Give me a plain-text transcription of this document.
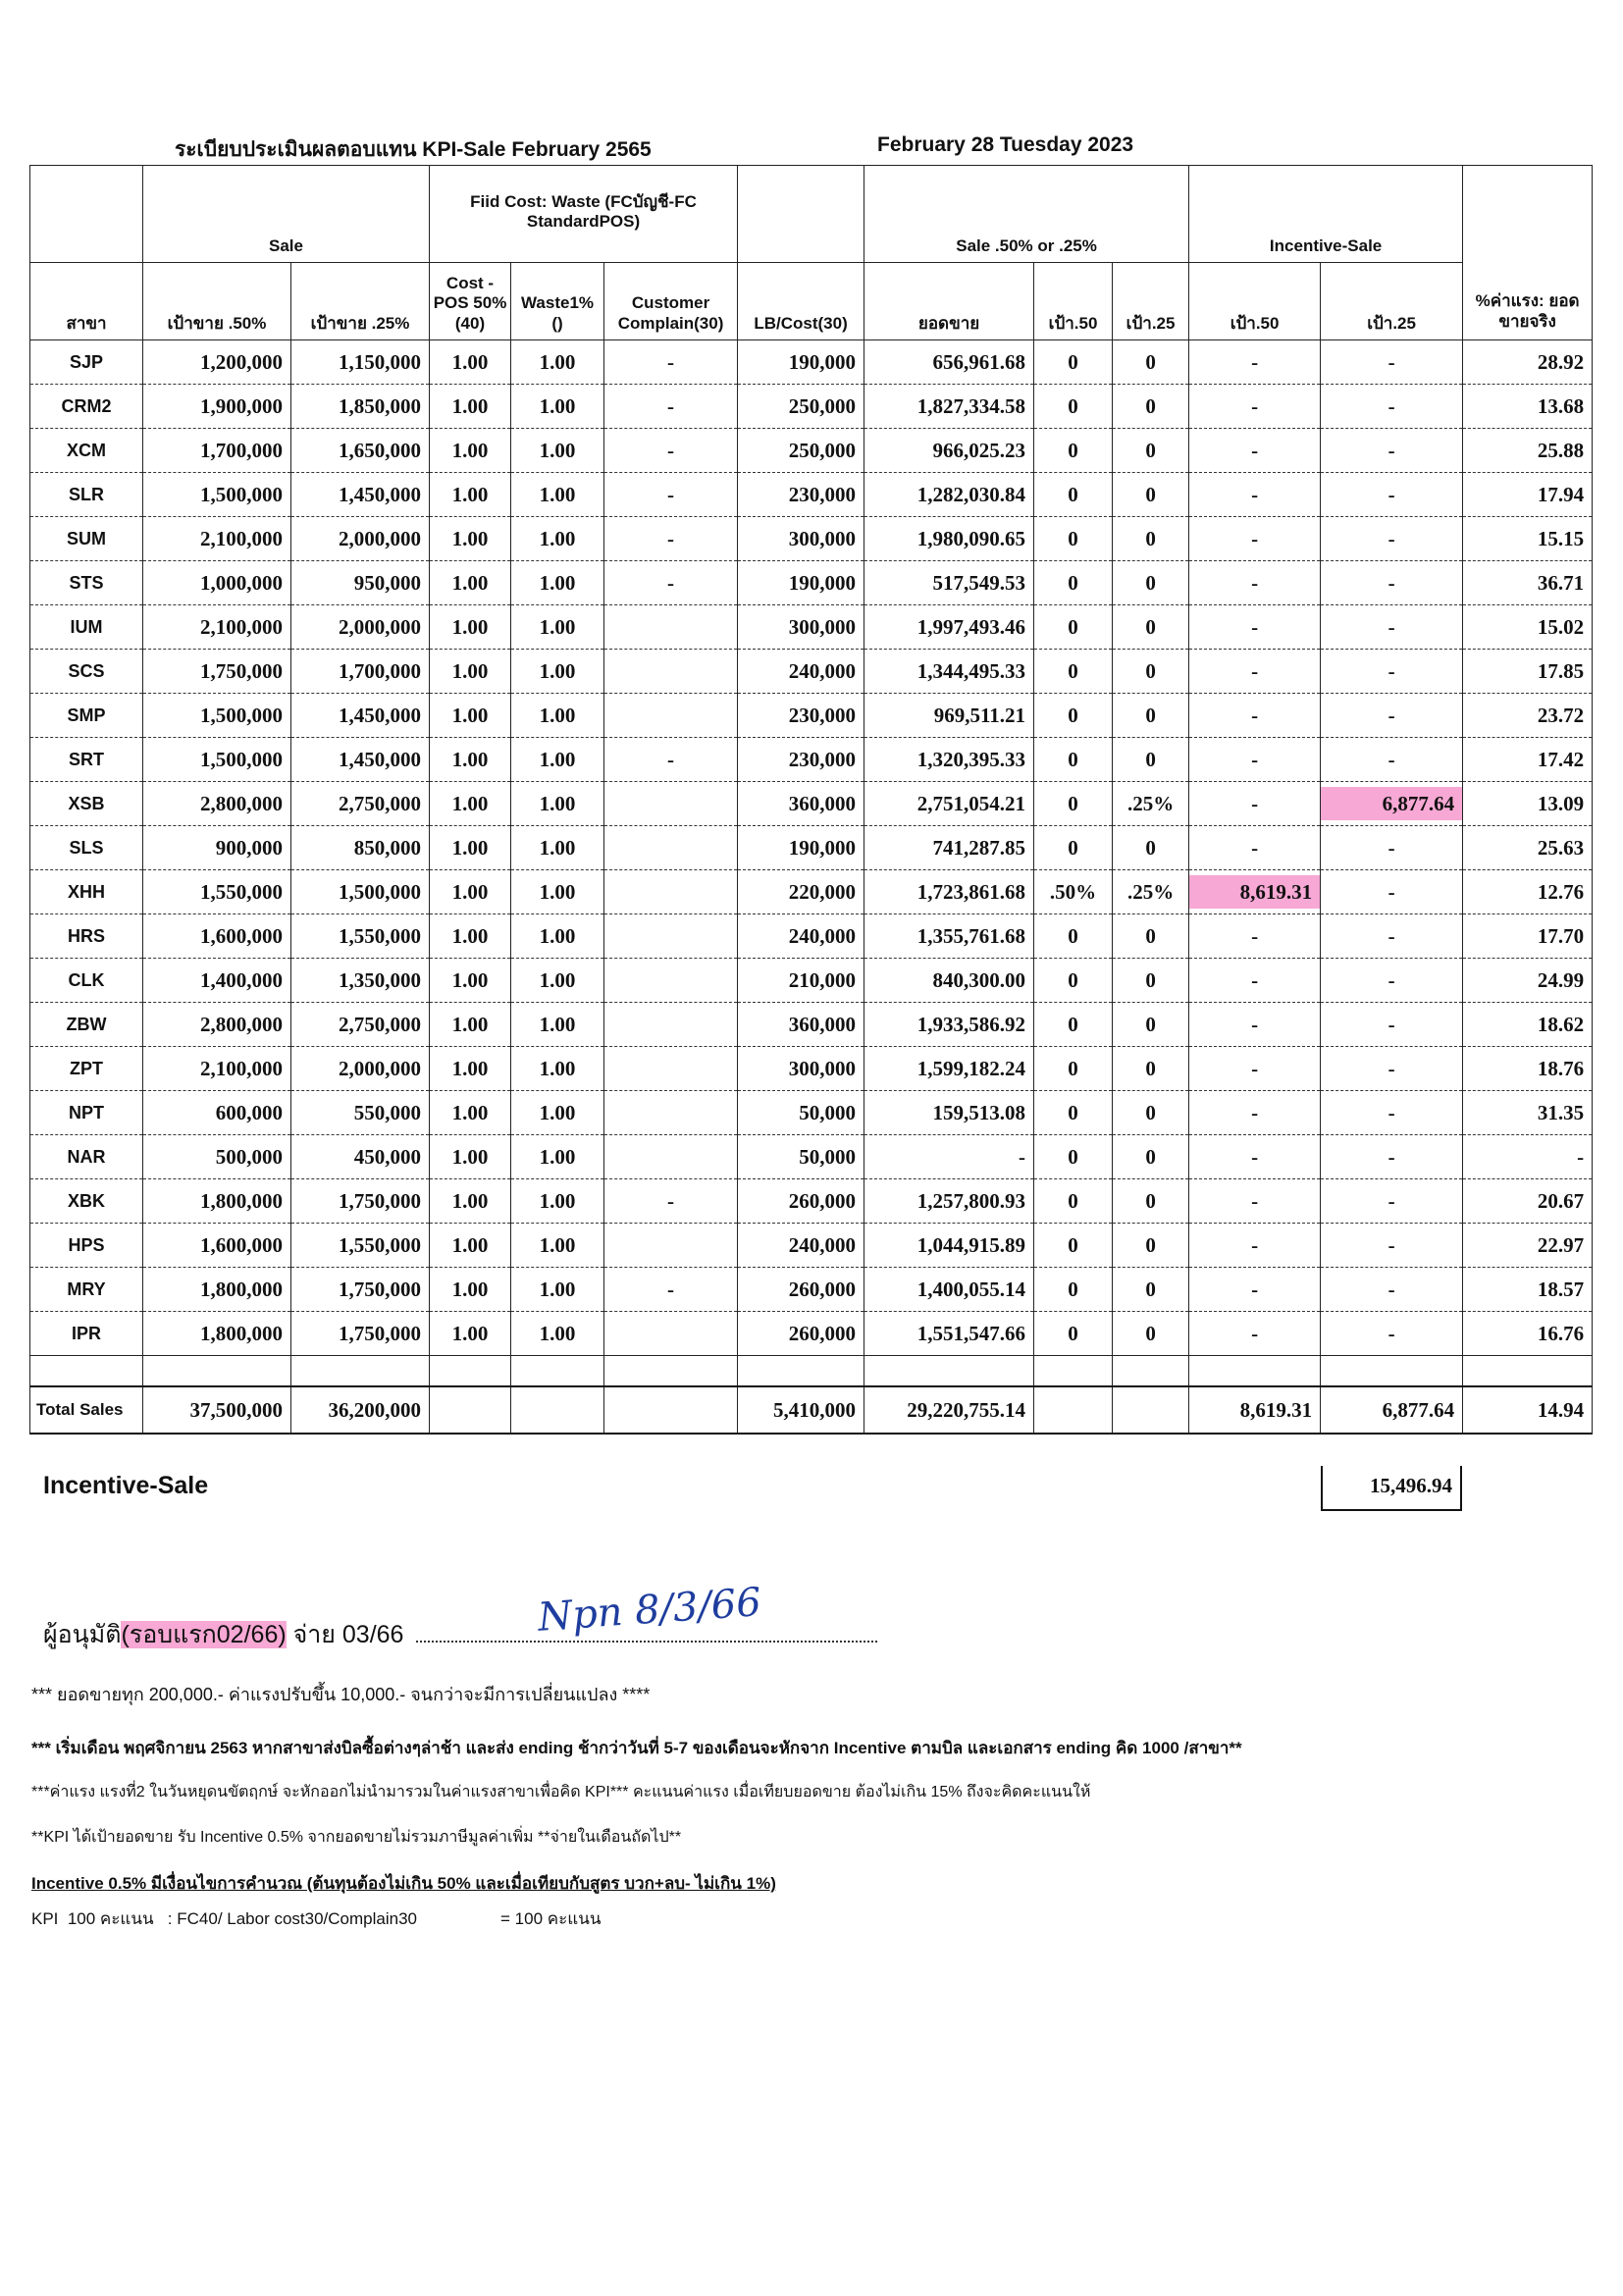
ระเบียบประเมินผลตอบแทน KPI-Sale February 2565	February 28 Tuesday 2023
	Sale		Fiid Cost: Waste (FCบัญชี-FC StandardPOS)				Sale .50% or .25%			Incentive-Sale		%ค่าแรง: ยอดขายจริง
สาขา	เป้าขาย .50%	เป้าขาย .25%	Cost - POS 50%(40)	Waste1% ()	Customer Complain(30)	LB/Cost(30)	ยอดขาย	เป้า.50	เป้า.25	เป้า.50	เป้า.25	
SJP	1,200,000	1,150,000	1.00	1.00	-	190,000	656,961.68	0	0	-	-	28.92
CRM2	1,900,000	1,850,000	1.00	1.00	-	250,000	1,827,334.58	0	0	-	-	13.68
XCM	1,700,000	1,650,000	1.00	1.00	-	250,000	966,025.23	0	0	-	-	25.88
SLR	1,500,000	1,450,000	1.00	1.00	-	230,000	1,282,030.84	0	0	-	-	17.94
SUM	2,100,000	2,000,000	1.00	1.00	-	300,000	1,980,090.65	0	0	-	-	15.15
STS	1,000,000	950,000	1.00	1.00	-	190,000	517,549.53	0	0	-	-	36.71
IUM	2,100,000	2,000,000	1.00	1.00		300,000	1,997,493.46	0	0	-	-	15.02
SCS	1,750,000	1,700,000	1.00	1.00		240,000	1,344,495.33	0	0	-	-	17.85
SMP	1,500,000	1,450,000	1.00	1.00		230,000	969,511.21	0	0	-	-	23.72
SRT	1,500,000	1,450,000	1.00	1.00	-	230,000	1,320,395.33	0	0	-	-	17.42
XSB	2,800,000	2,750,000	1.00	1.00		360,000	2,751,054.21	0	.25%	-	6,877.64	13.09
SLS	900,000	850,000	1.00	1.00		190,000	741,287.85	0	0	-	-	25.63
XHH	1,550,000	1,500,000	1.00	1.00		220,000	1,723,861.68	.50%	.25%	8,619.31	-	12.76
HRS	1,600,000	1,550,000	1.00	1.00		240,000	1,355,761.68	0	0	-	-	17.70
CLK	1,400,000	1,350,000	1.00	1.00		210,000	840,300.00	0	0	-	-	24.99
ZBW	2,800,000	2,750,000	1.00	1.00		360,000	1,933,586.92	0	0	-	-	18.62
ZPT	2,100,000	2,000,000	1.00	1.00		300,000	1,599,182.24	0	0	-	-	18.76
NPT	600,000	550,000	1.00	1.00		50,000	159,513.08	0	0	-	-	31.35
NAR	500,000	450,000	1.00	1.00		50,000	-	0	0	-	-	-
XBK	1,800,000	1,750,000	1.00	1.00	-	260,000	1,257,800.93	0	0	-	-	20.67
HPS	1,600,000	1,550,000	1.00	1.00		240,000	1,044,915.89	0	0	-	-	22.97
MRY	1,800,000	1,750,000	1.00	1.00	-	260,000	1,400,055.14	0	0	-	-	18.57
IPR	1,800,000	1,750,000	1.00	1.00		260,000	1,551,547.66	0	0	-	-	16.76

Total Sales	37,500,000	36,200,000				5,410,000	29,220,755.14			8,619.31	6,877.64	14.94
Incentive-Sale	15,496.94
ผู้อนุมัติ(รอบแรก02/66) จ่าย 03/66	Npn 8/3/66
*** ยอดขายทุก 200,000.- ค่าแรงปรับขึ้น 10,000.- จนกว่าจะมีการเปลี่ยนแปลง ****
*** เริ่มเดือน พฤศจิกายน 2563 หากสาขาส่งบิลซื้อต่างๆล่าช้า และส่ง ending ช้ากว่าวันที่ 5-7 ของเดือนจะหักจาก Incentive ตามบิล และเอกสาร ending คิด 1000 /สาขา**
***ค่าแรง แรงที่2 ในวันหยุดนขัตฤกษ์ จะหักออกไม่นำมารวมในค่าแรงสาขาเพื่อคิด KPI*** คะแนนค่าแรง เมื่อเทียบยอดขาย ต้องไม่เกิน 15% ถึงจะคิดคะแนนให้
**KPI ได้เป้ายอดขาย รับ Incentive 0.5% จากยอดขายไม่รวมภาษีมูลค่าเพิ่ม **จ่ายในเดือนถัดไป**
Incentive 0.5% มีเงื่อนไขการคำนวณ (ต้นทุนต้องไม่เกิน 50% และเมื่อเทียบกับสูตร บวก+ลบ- ไม่เกิน 1%)
KPI  100 คะแนน   : FC40/ Labor cost30/Complain30                  = 100 คะแนน
